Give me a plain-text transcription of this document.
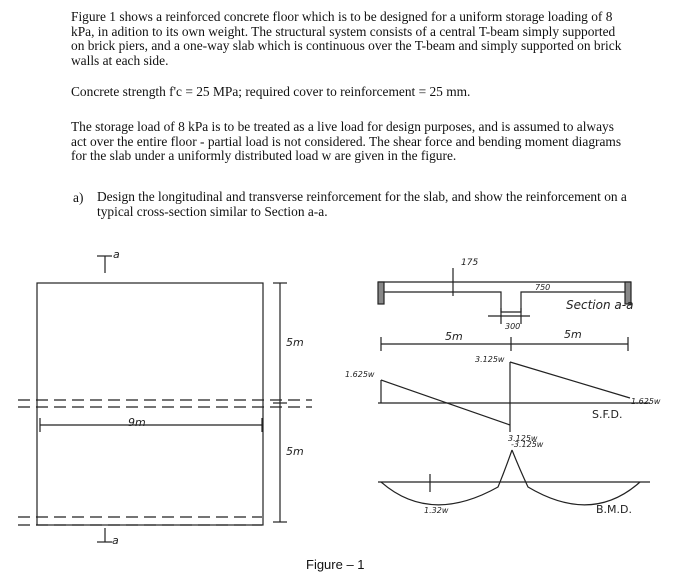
Figure 1 shows a reinforced concrete floor which is to be designed for a uniform storage loading of 8 kPa, in adition to its own weight. The structural system consists of a central T-beam simply supported on brick piers, and a one-way slab which is continuous over the T-beam and simply supported on brick walls at each side.

Concrete strength f'c = 25 MPa; required cover to reinforcement = 25 mm.

The storage load of 8 kPa is to be treated as a live load for design purposes, and is assumed to always act over the entire floor - partial load is not considered. The shear force and bending moment diagrams for the slab under a uniformly distributed load w are given in the figure.

a) Design the longitudinal and transverse reinforcement for the slab, and show the reinforcement on a typical cross-section similar to Section a-a.
a
a
9m
5m
5m
175
750
300
5m	5m
Section a-a
1.625w
3.125w
3.125w
1.625w
S.F.D.
-3.125w
1.32w	B.M.D.
Figure – 1
